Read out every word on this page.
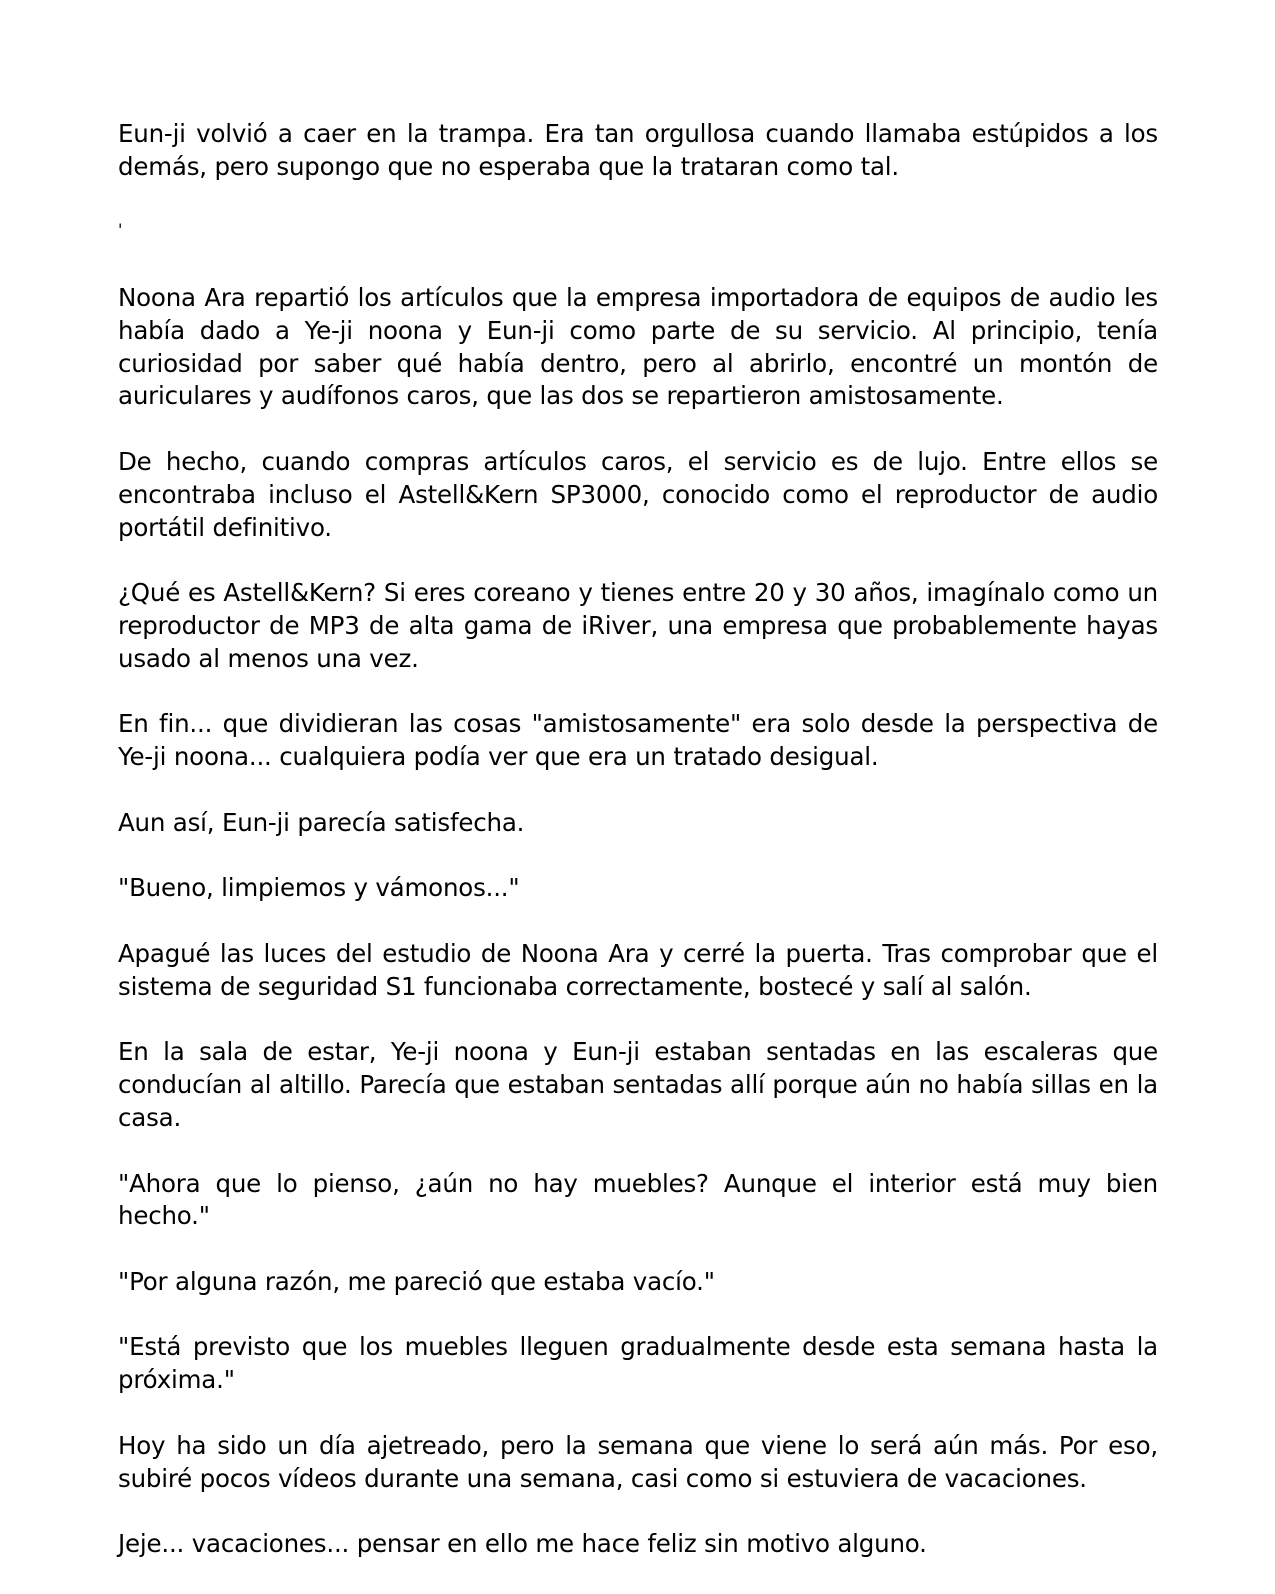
Eun-ji volvió a caer en la trampa. Era tan orgullosa cuando llamaba estúpidos a los demás, pero supongo que no esperaba que la trataran como tal.

'

Noona Ara repartió los artículos que la empresa importadora de equipos de audio les había dado a Ye-ji noona y Eun-ji como parte de su servicio. Al principio, tenía curiosidad por saber qué había dentro, pero al abrirlo, encontré un montón de auriculares y audífonos caros, que las dos se repartieron amistosamente.

De hecho, cuando compras artículos caros, el servicio es de lujo. Entre ellos se encontraba incluso el Astell&Kern SP3000, conocido como el reproductor de audio portátil definitivo.

¿Qué es Astell&Kern? Si eres coreano y tienes entre 20 y 30 años, imagínalo como un reproductor de MP3 de alta gama de iRiver, una empresa que probablemente hayas usado al menos una vez.

En fin... que dividieran las cosas "amistosamente" era solo desde la perspectiva de Ye-ji noona... cualquiera podía ver que era un tratado desigual.

Aun así, Eun-ji parecía satisfecha.

"Bueno, limpiemos y vámonos..."

Apagué las luces del estudio de Noona Ara y cerré la puerta. Tras comprobar que el sistema de seguridad S1 funcionaba correctamente, bostecé y salí al salón.

En la sala de estar, Ye-ji noona y Eun-ji estaban sentadas en las escaleras que conducían al altillo. Parecía que estaban sentadas allí porque aún no había sillas en la casa.

"Ahora que lo pienso, ¿aún no hay muebles? Aunque el interior está muy bien hecho."

"Por alguna razón, me pareció que estaba vacío."

"Está previsto que los muebles lleguen gradualmente desde esta semana hasta la próxima."

Hoy ha sido un día ajetreado, pero la semana que viene lo será aún más. Por eso, subiré pocos vídeos durante una semana, casi como si estuviera de vacaciones.

Jeje... vacaciones... pensar en ello me hace feliz sin motivo alguno.
